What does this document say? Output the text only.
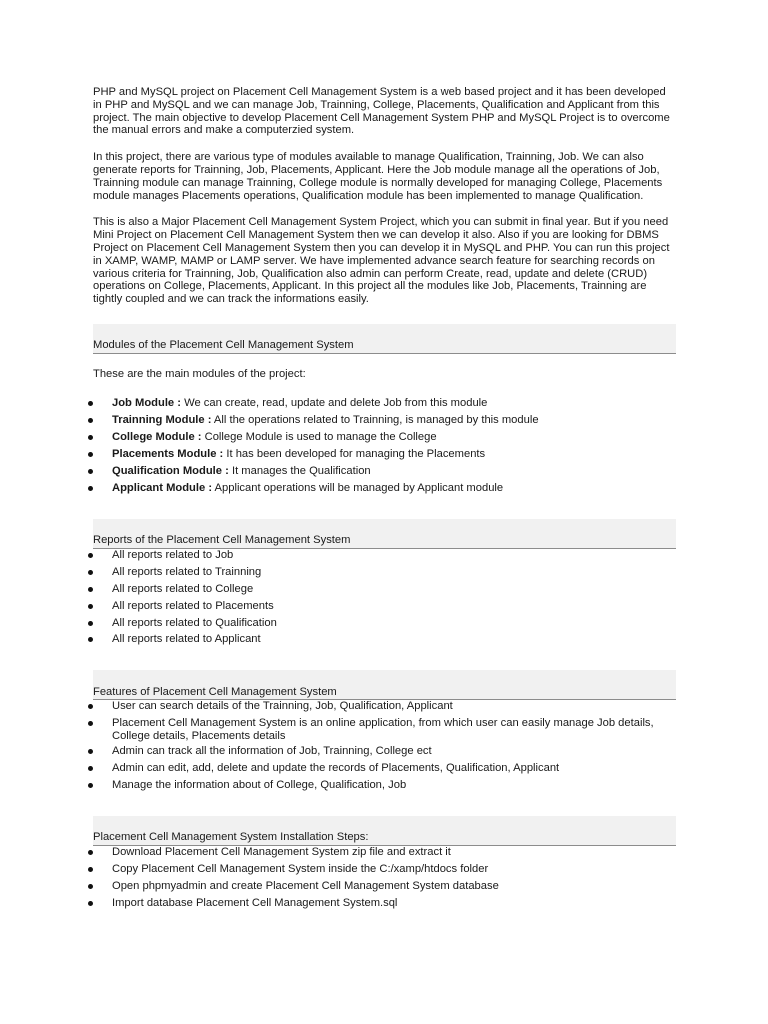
PHP and MySQL project on Placement Cell Management System is a web based project and it has been developed in PHP and MySQL and we can manage Job, Trainning, College, Placements, Qualification and Applicant from this project. The main objective to develop Placement Cell Management System PHP and MySQL Project is to overcome the manual errors and make a computerzied system.

In this project, there are various type of modules available to manage Qualification, Trainning, Job. We can also generate reports for Trainning, Job, Placements, Applicant. Here the Job module manage all the operations of Job, Trainning module can manage Trainning, College module is normally developed for managing College, Placements module manages Placements operations, Qualification module has been implemented to manage Qualification.

This is also a Major Placement Cell Management System Project, which you can submit in final year. But if you need Mini Project on Placement Cell Management System then we can develop it also. Also if you are looking for DBMS Project on Placement Cell Management System then you can develop it in MySQL and PHP. You can run this project in XAMP, WAMP, MAMP or LAMP server. We have implemented advance search feature for searching records on various criteria for Trainning, Job, Qualification also admin can perform Create, read, update and delete (CRUD) operations on College, Placements, Applicant. In this project all the modules like Job, Placements, Trainning are tightly coupled and we can track the informations easily.

Modules of the Placement Cell Management System

These are the main modules of the project:

Job Module : We can create, read, update and delete Job from this module
Trainning Module : All the operations related to Trainning, is managed by this module
College Module : College Module is used to manage the College
Placements Module : It has been developed for managing the Placements
Qualification Module : It manages the Qualification
Applicant Module : Applicant operations will be managed by Applicant module
Reports of the Placement Cell Management System
All reports related to Job
All reports related to Trainning
All reports related to College
All reports related to Placements
All reports related to Qualification
All reports related to Applicant
Features of Placement Cell Management System
User can search details of the Trainning, Job, Qualification, Applicant
Placement Cell Management System is an online application, from which user can easily manage Job details, College details, Placements details
Admin can track all the information of Job, Trainning, College ect
Admin can edit, add, delete and update the records of Placements, Qualification, Applicant
Manage the information about of College, Qualification, Job
Placement Cell Management System Installation Steps:
Download Placement Cell Management System zip file and extract it
Copy Placement Cell Management System inside the C:/xamp/htdocs folder
Open phpmyadmin and create Placement Cell Management System database
Import database Placement Cell Management System.sql
